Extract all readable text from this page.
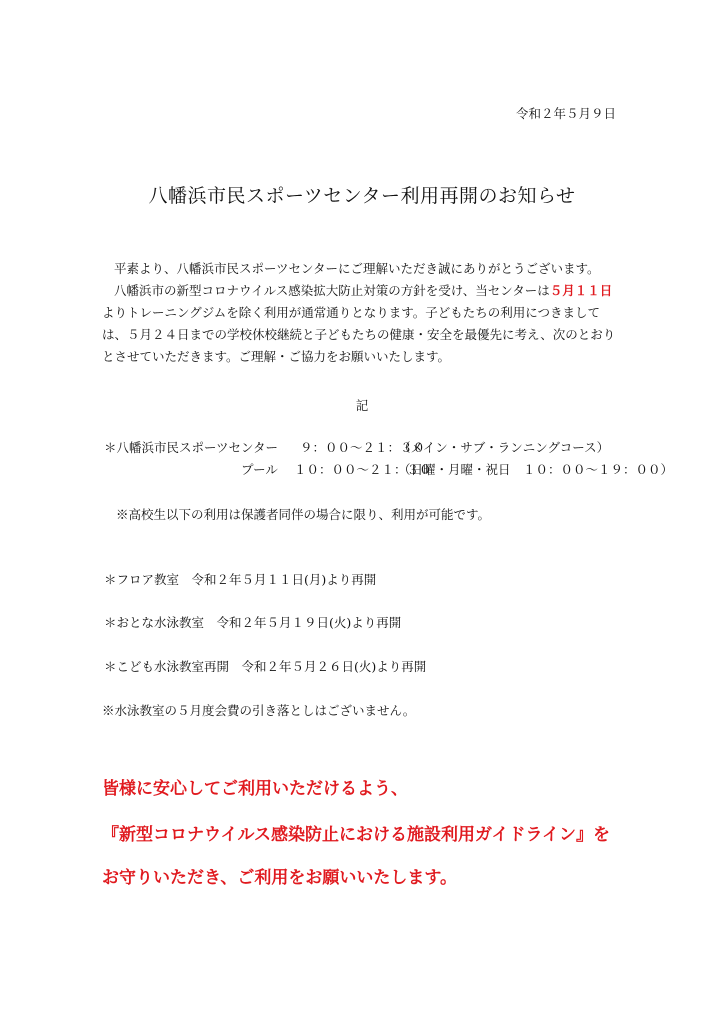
令和２年５月９日
八幡浜市民スポーツセンター利用再開のお知らせ

平素より、八幡浜市民スポーツセンターにご理解いただき誠にありがとうございます。

八幡浜市の新型コロナウイルス感染拡大防止対策の方針を受け、当センターは５月１１日

よりトレーニングジムを除く利用が通常通りとなります。子どもたちの利用につきまして

は、５月２４日までの学校休校継続と子どもたちの健康・安全を最優先に考え、次のとおり

とさせていただきます。ご理解・ご協力をお願いいたします。

記
＊八幡浜市民スポーツセンター ９：００～２１：３０
（メイン・サブ・ランニングコース）
プール １０：００～２１：３０
（日曜・月曜・祝日　１０：００～１９：００）
※高校生以下の利用は保護者同伴の場合に限り、利用が可能です。
＊フロア教室　令和２年５月１１日(月)より再開
＊おとな水泳教室　令和２年５月１９日(火)より再開
＊こども水泳教室再開　令和２年５月２６日(火)より再開
※水泳教室の５月度会費の引き落としはございません。
皆様に安心してご利用いただけるよう、
『新型コロナウイルス感染防止における施設利用ガイドライン』を
お守りいただき、ご利用をお願いいたします。
